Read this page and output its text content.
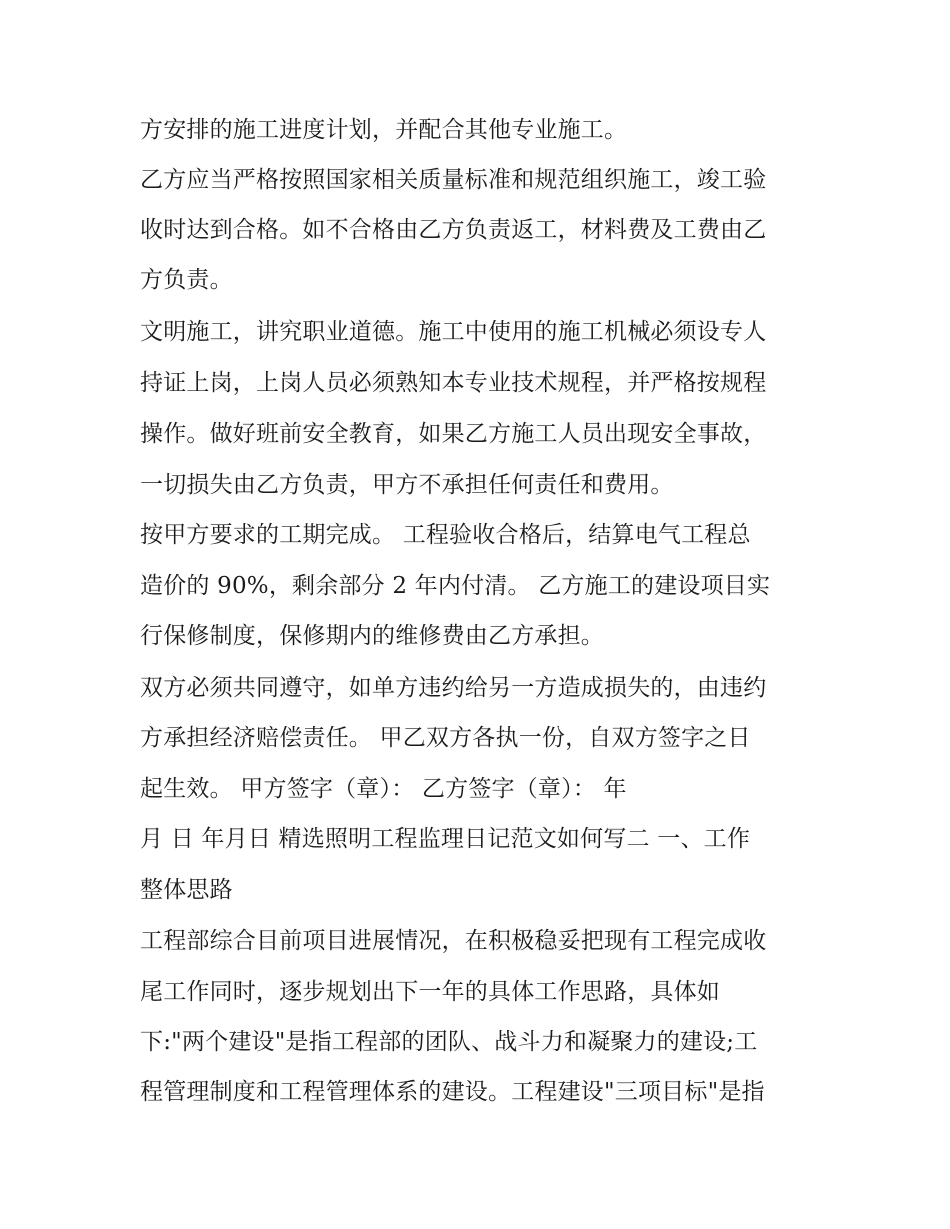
方安排的施工进度计划，并配合其他专业施工。

乙方应当严格按照国家相关质量标准和规范组织施工，竣工验

收时达到合格。如不合格由乙方负责返工，材料费及工费由乙

方负责。

文明施工，讲究职业道德。施工中使用的施工机械必须设专人

持证上岗，上岗人员必须熟知本专业技术规程，并严格按规程

操作。做好班前安全教育，如果乙方施工人员出现安全事故，

一切损失由乙方负责，甲方不承担任何责任和费用。

按甲方要求的工期完成。 工程验收合格后，结算电气工程总

造价的 90%，剩余部分 2 年内付清。 乙方施工的建设项目实

行保修制度，保修期内的维修费由乙方承担。

双方必须共同遵守，如单方违约给另一方造成损失的，由违约

方承担经济赔偿责任。 甲乙双方各执一份，自双方签字之日

起生效。 甲方签字（章）： 乙方签字（章）： 年

月 日 年月日 精选照明工程监理日记范文如何写二 一、工作

整体思路

工程部综合目前项目进展情况，在积极稳妥把现有工程完成收

尾工作同时，逐步规划出下一年的具体工作思路，具体如

下:"两个建设"是指工程部的团队、战斗力和凝聚力的建设;工

程管理制度和工程管理体系的建设。工程建设"三项目标"是指
